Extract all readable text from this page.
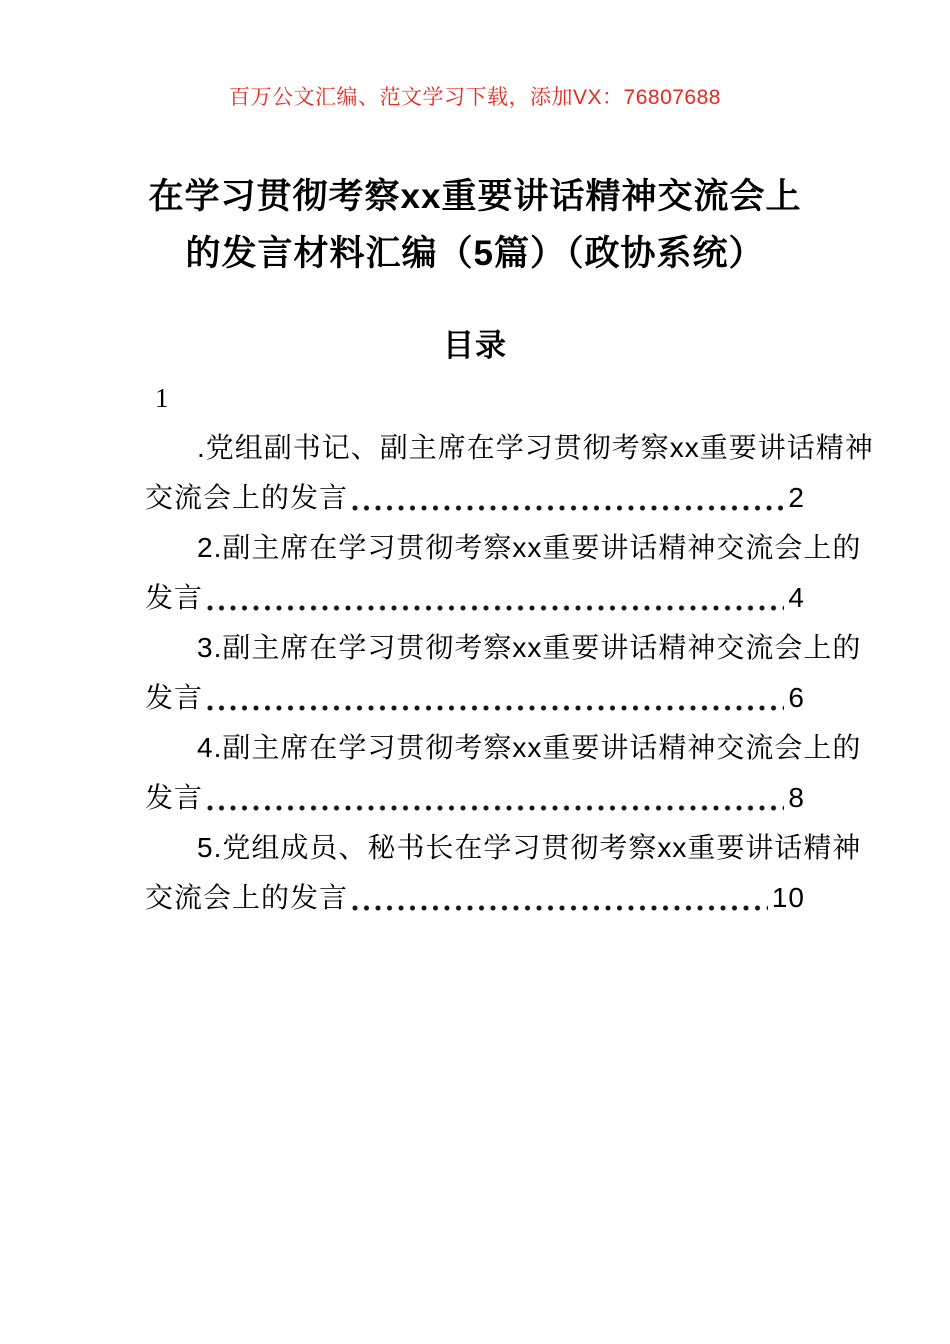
百万公文汇编、范文学习下载，添加VX：76807688
在学习贯彻考察xx重要讲话精神交流会上
的发言材料汇编（5篇）（政协系统）
目录
1
.党组副书记、副主席在学习贯彻考察xx重要讲话精神
交流会上的发言	2
2.副主席在学习贯彻考察xx重要讲话精神交流会上的
发言	4
3.副主席在学习贯彻考察xx重要讲话精神交流会上的
发言	6
4.副主席在学习贯彻考察xx重要讲话精神交流会上的
发言	8
5.党组成员、秘书长在学习贯彻考察xx重要讲话精神
交流会上的发言	10
